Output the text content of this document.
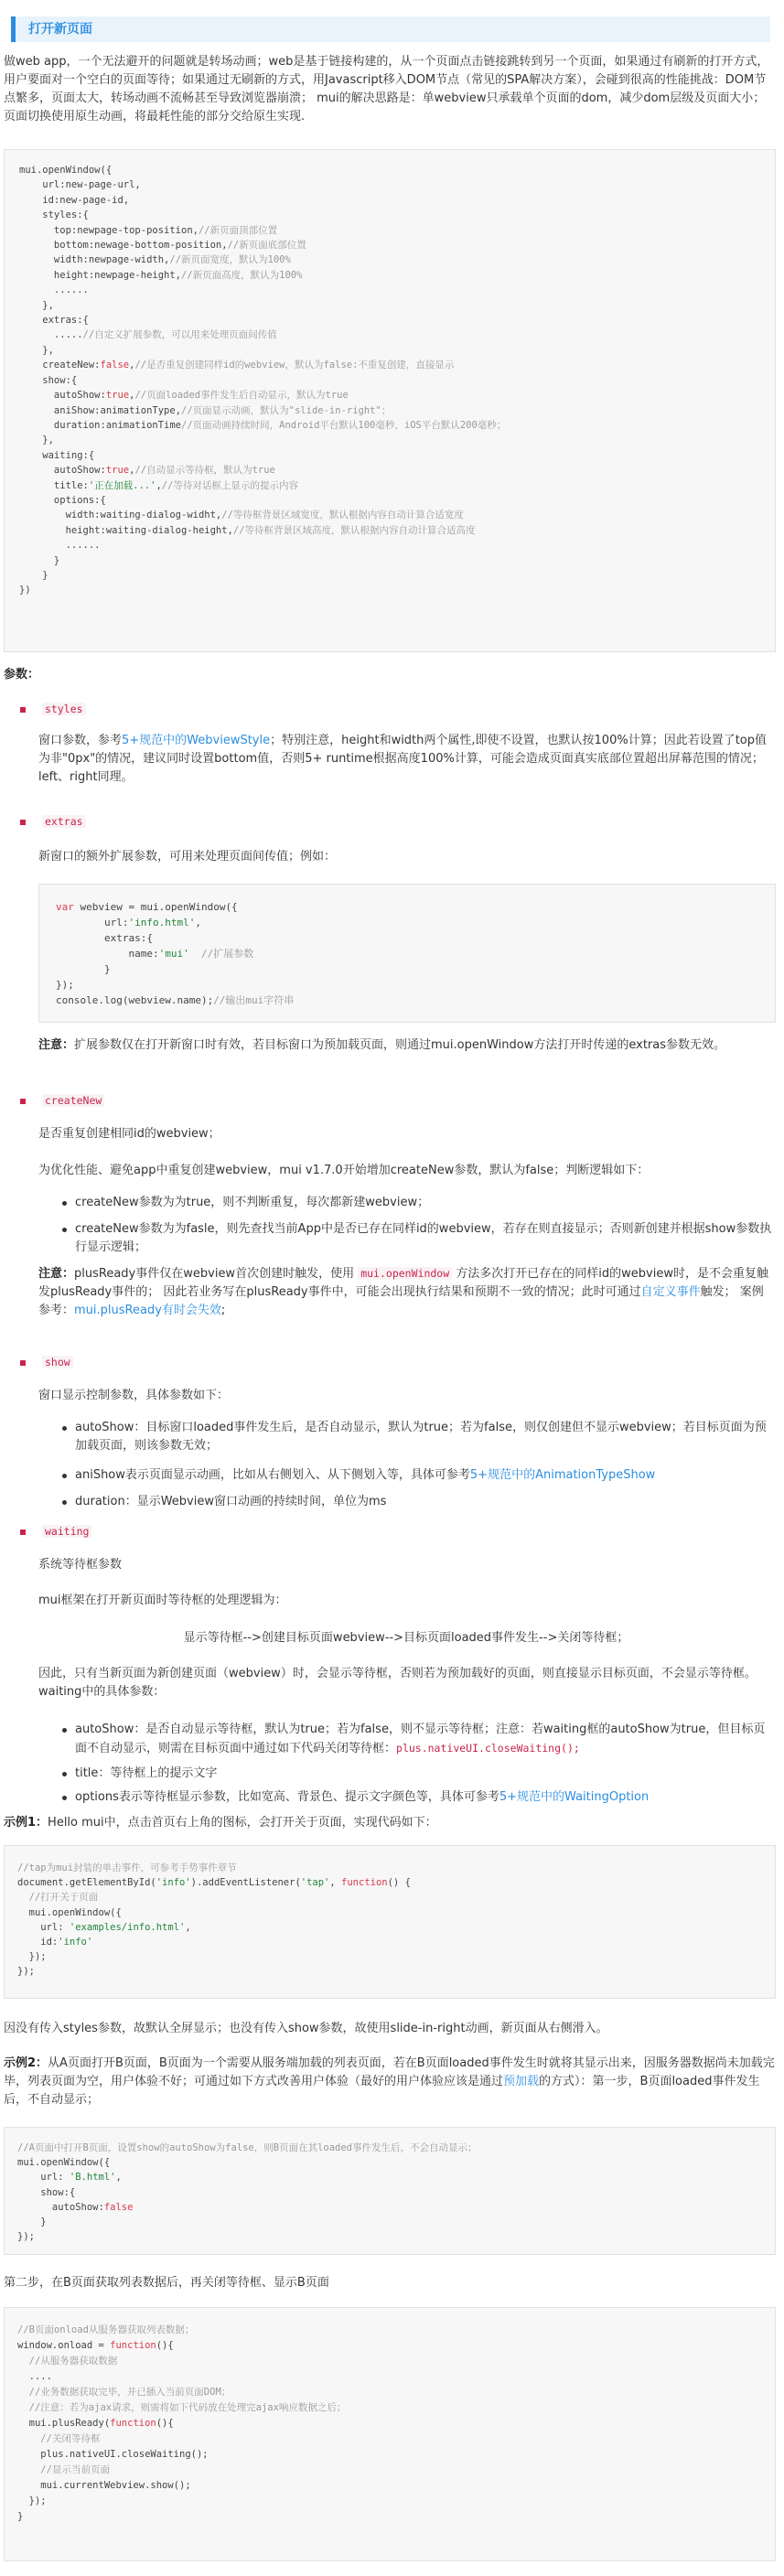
打开新页面
做web app，一个无法避开的问题就是转场动画；web是基于链接构建的，从一个页面点击链接跳转到另一个页面，如果通过有刷新的打开方式，用户要面对一个空白的页面等待；如果通过无刷新的方式，用Javascript移入DOM节点（常见的SPA解决方案），会碰到很高的性能挑战：DOM节点繁多，页面太大，转场动画不流畅甚至导致浏览器崩溃； mui的解决思路是：单webview只承载单个页面的dom，减少dom层级及页面大小；页面切换使用原生动画，将最耗性能的部分交给原生实现.
mui.openWindow({
url:new-page-url,
id:new-page-id,
styles:{
top:newpage-top-position,//新页面顶部位置
bottom:newage-bottom-position,//新页面底部位置
width:newpage-width,//新页面宽度，默认为100%
height:newpage-height,//新页面高度，默认为100%
......
},
extras:{
.....//自定义扩展参数，可以用来处理页面间传值
},
createNew:false,//是否重复创建同样id的webview，默认为false:不重复创建，直接显示
show:{
autoShow:true,//页面loaded事件发生后自动显示，默认为true
aniShow:animationType,//页面显示动画，默认为"slide-in-right"；
duration:animationTime//页面动画持续时间，Android平台默认100毫秒，iOS平台默认200毫秒；
},
waiting:{
autoShow:true,//自动显示等待框，默认为true
title:'正在加载...',//等待对话框上显示的提示内容
options:{
width:waiting-dialog-widht,//等待框背景区域宽度，默认根据内容自动计算合适宽度
height:waiting-dialog-height,//等待框背景区域高度，默认根据内容自动计算合适高度
......
}
}
})
参数：
styles
窗口参数，参考5+规范中的WebviewStyle；特别注意，height和width两个属性,即使不设置，也默认按100%计算；因此若设置了top值为非"0px"的情况，建议同时设置bottom值，否则5+ runtime根据高度100%计算，可能会造成页面真实底部位置超出屏幕范围的情况；left、right同理。
extras
新窗口的额外扩展参数，可用来处理页面间传值；例如：
var webview = mui.openWindow({
url:'info.html',
extras:{
name:'mui' //扩展参数
}
});
console.log(webview.name);//输出mui字符串
注意：扩展参数仅在打开新窗口时有效，若目标窗口为预加载页面，则通过mui.openWindow方法打开时传递的extras参数无效。
createNew
是否重复创建相同id的webview；
为优化性能、避免app中重复创建webview，mui v1.7.0开始增加createNew参数，默认为false；判断逻辑如下：
createNew参数为为true，则不判断重复，每次都新建webview；
createNew参数为为fasle，则先查找当前App中是否已存在同样id的webview，若存在则直接显示；否则新创建并根据show参数执行显示逻辑；
注意：plusReady事件仅在webview首次创建时触发，使用 mui.openWindow 方法多次打开已存在的同样id的webview时，是不会重复触发plusReady事件的； 因此若业务写在plusReady事件中，可能会出现执行结果和预期不一致的情况；此时可通过自定义事件触发； 案例参考：mui.plusReady有时会失效;
show
窗口显示控制参数，具体参数如下：
autoShow：目标窗口loaded事件发生后，是否自动显示，默认为true；若为false，则仅创建但不显示webview；若目标页面为预加载页面，则该参数无效；
aniShow表示页面显示动画，比如从右侧划入、从下侧划入等，具体可参考5+规范中的AnimationTypeShow
duration：显示Webview窗口动画的持续时间，单位为ms
waiting
系统等待框参数
mui框架在打开新页面时等待框的处理逻辑为：
显示等待框-->创建目标页面webview-->目标页面loaded事件发生-->关闭等待框；
因此，只有当新页面为新创建页面（webview）时，会显示等待框，否则若为预加载好的页面，则直接显示目标页面，不会显示等待框。waiting中的具体参数：
autoShow：是否自动显示等待框，默认为true；若为false，则不显示等待框；注意：若waiting框的autoShow为true，但目标页面不自动显示，则需在目标页面中通过如下代码关闭等待框：plus.nativeUI.closeWaiting();
title：等待框上的提示文字
options表示等待框显示参数，比如宽高、背景色、提示文字颜色等，具体可参考5+规范中的WaitingOption
示例1：Hello mui中，点击首页右上角的图标，会打开关于页面，实现代码如下：
//tap为mui封装的单击事件，可参考手势事件章节
document.getElementById('info').addEventListener('tap', function() {
//打开关于页面
mui.openWindow({
url: 'examples/info.html',
id:'info'
});
});
因没有传入styles参数，故默认全屏显示；也没有传入show参数，故使用slide-in-right动画，新页面从右侧滑入。
示例2：从A页面打开B页面，B页面为一个需要从服务端加载的列表页面，若在B页面loaded事件发生时就将其显示出来，因服务器数据尚未加载完毕，列表页面为空，用户体验不好；可通过如下方式改善用户体验（最好的用户体验应该是通过预加载的方式）：第一步，B页面loaded事件发生后，不自动显示；
//A页面中打开B页面，设置show的autoShow为false，则B页面在其loaded事件发生后，不会自动显示；
mui.openWindow({
url: 'B.html',
show:{
autoShow:false
}
});
第二步，在B页面获取列表数据后，再关闭等待框、显示B页面
//B页面onload从服务器获取列表数据；
window.onload = function(){
//从服务器获取数据
....
//业务数据获取完毕，并已插入当前页面DOM；
//注意：若为ajax请求，则需将如下代码放在处理完ajax响应数据之后；
mui.plusReady(function(){
//关闭等待框
plus.nativeUI.closeWaiting();
//显示当前页面
mui.currentWebview.show();
});
}
